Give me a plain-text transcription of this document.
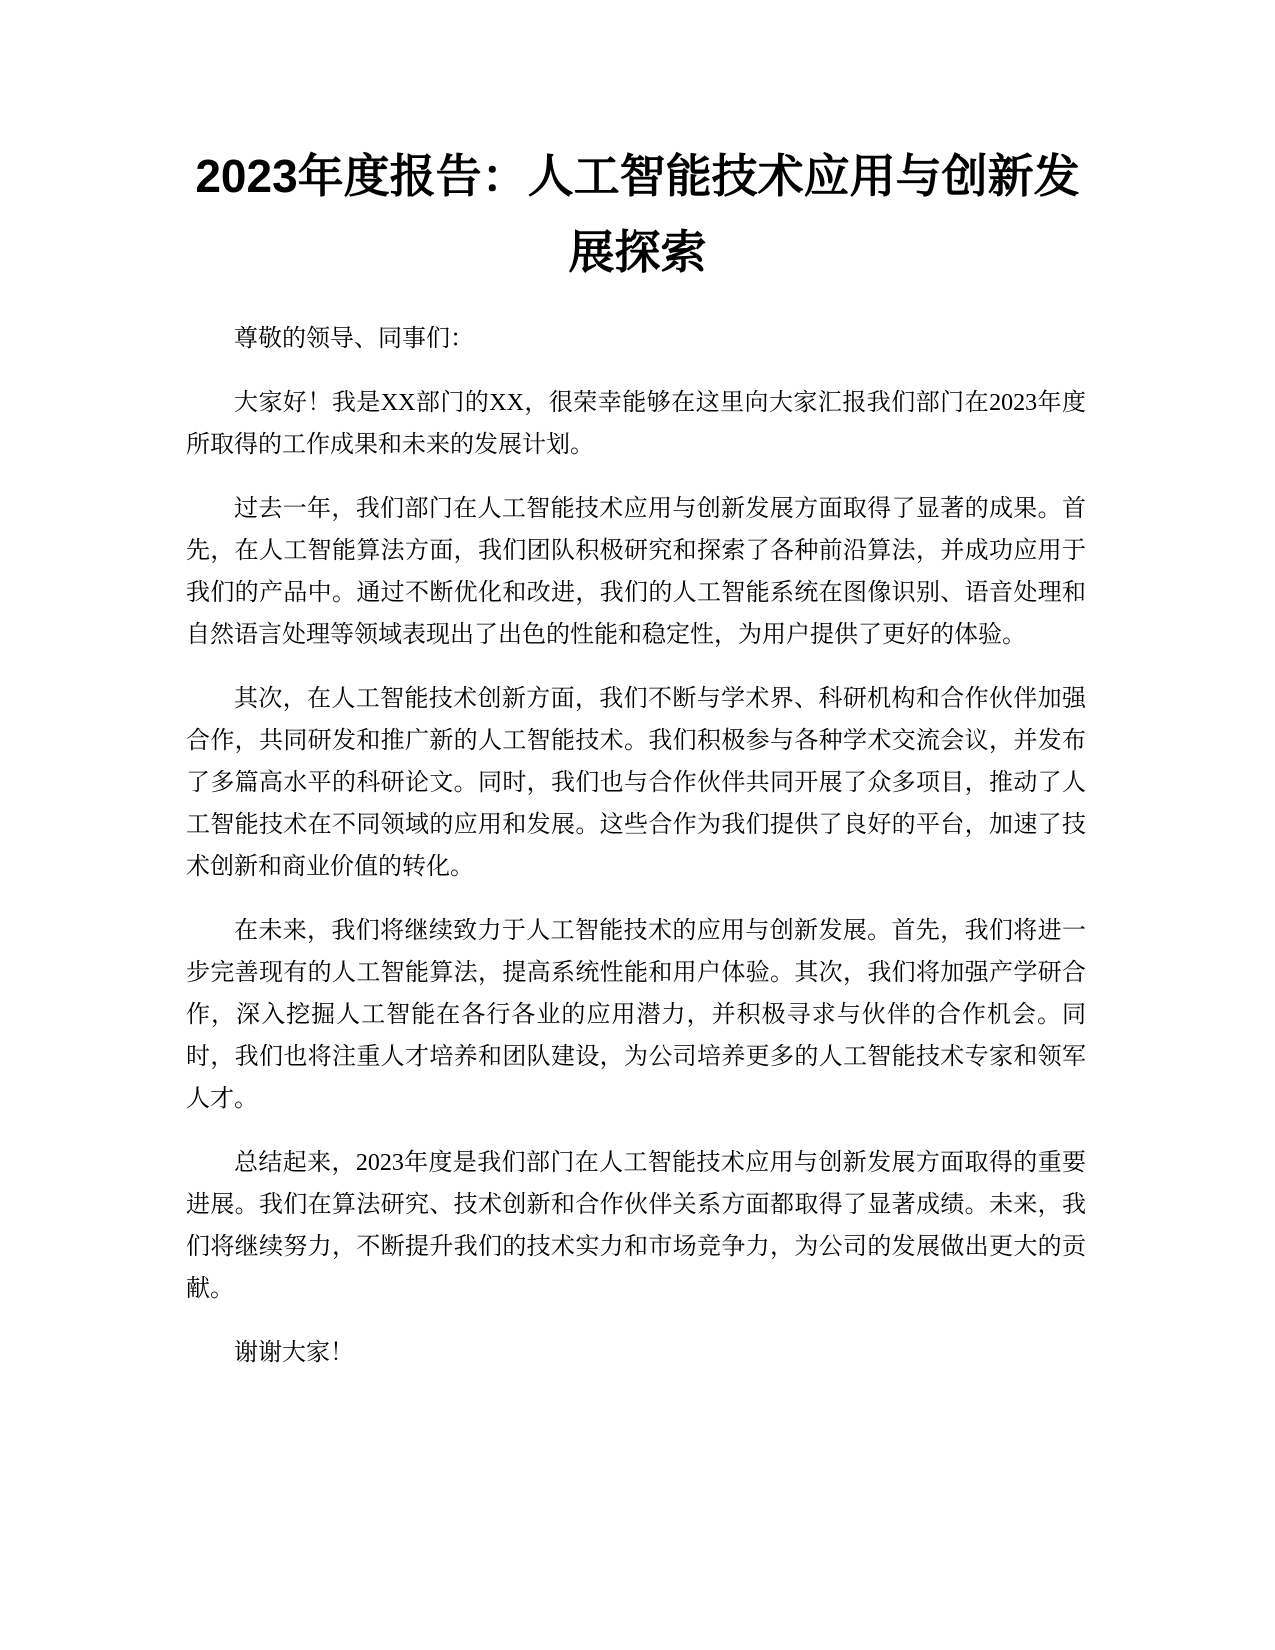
2023年度报告：人工智能技术应用与创新发展探索

尊敬的领导、同事们：

大家好！我是XX部门的XX，很荣幸能够在这里向大家汇报我们部门在2023年度所取得的工作成果和未来的发展计划。

过去一年，我们部门在人工智能技术应用与创新发展方面取得了显著的成果。首先，在人工智能算法方面，我们团队积极研究和探索了各种前沿算法，并成功应用于我们的产品中。通过不断优化和改进，我们的人工智能系统在图像识别、语音处理和自然语言处理等领域表现出了出色的性能和稳定性，为用户提供了更好的体验。

其次，在人工智能技术创新方面，我们不断与学术界、科研机构和合作伙伴加强合作，共同研发和推广新的人工智能技术。我们积极参与各种学术交流会议，并发布了多篇高水平的科研论文。同时，我们也与合作伙伴共同开展了众多项目，推动了人工智能技术在不同领域的应用和发展。这些合作为我们提供了良好的平台，加速了技术创新和商业价值的转化。

在未来，我们将继续致力于人工智能技术的应用与创新发展。首先，我们将进一步完善现有的人工智能算法，提高系统性能和用户体验。其次，我们将加强产学研合作，深入挖掘人工智能在各行各业的应用潜力，并积极寻求与伙伴的合作机会。同时，我们也将注重人才培养和团队建设，为公司培养更多的人工智能技术专家和领军人才。

总结起来，2023年度是我们部门在人工智能技术应用与创新发展方面取得的重要进展。我们在算法研究、技术创新和合作伙伴关系方面都取得了显著成绩。未来，我们将继续努力，不断提升我们的技术实力和市场竞争力，为公司的发展做出更大的贡献。

谢谢大家！
